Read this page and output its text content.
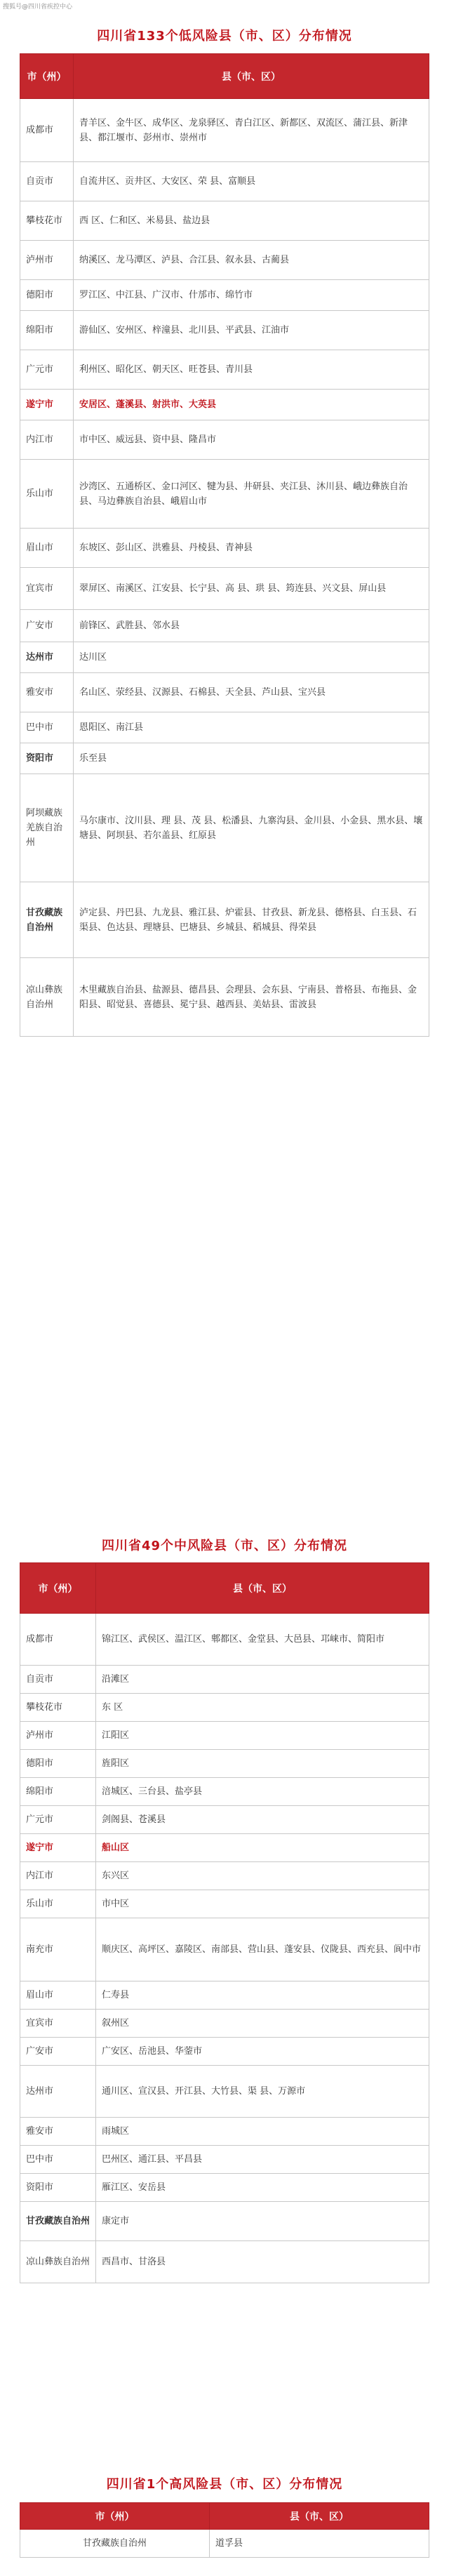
搜狐号@四川省疾控中心
四川省133个低风险县（市、区）分布情况
市（州）	县（市、区）
成都市	青羊区、金牛区、成华区、龙泉驿区、青白江区、新都区、双流区、蒲江县、新津县、都江堰市、彭州市、崇州市
自贡市	自流井区、贡井区、大安区、荣 县、富顺县
攀枝花市	西 区、仁和区、米易县、盐边县
泸州市	纳溪区、龙马潭区、泸县、合江县、叙永县、古蔺县
德阳市	罗江区、中江县、广汉市、什邡市、绵竹市
绵阳市	游仙区、安州区、梓潼县、北川县、平武县、江油市
广元市	利州区、昭化区、朝天区、旺苍县、青川县
遂宁市	安居区、蓬溪县、射洪市、大英县
内江市	市中区、威远县、资中县、隆昌市
乐山市	沙湾区、五通桥区、金口河区、犍为县、井研县、夹江县、沐川县、峨边彝族自治县、马边彝族自治县、峨眉山市
眉山市	东坡区、彭山区、洪雅县、丹棱县、青神县
宜宾市	翠屏区、南溪区、江安县、长宁县、高 县、珙 县、筠连县、兴文县、屏山县
广安市	前锋区、武胜县、邻水县
达州市	达川区
雅安市	名山区、荥经县、汉源县、石棉县、天全县、芦山县、宝兴县
巴中市	恩阳区、南江县
资阳市	乐至县
阿坝藏族羌族自治州	马尔康市、汶川县、理 县、茂 县、松潘县、九寨沟县、金川县、小金县、黑水县、壤塘县、阿坝县、若尔盖县、红原县
甘孜藏族自治州	泸定县、丹巴县、九龙县、雅江县、炉霍县、甘孜县、新龙县、德格县、白玉县、石渠县、色达县、理塘县、巴塘县、乡城县、稻城县、得荣县
凉山彝族自治州	木里藏族自治县、盐源县、德昌县、会理县、会东县、宁南县、普格县、布拖县、金阳县、昭觉县、喜德县、冕宁县、越西县、美姑县、雷波县
四川省49个中风险县（市、区）分布情况
市（州）	县（市、区）
成都市	锦江区、武侯区、温江区、郫都区、金堂县、大邑县、邛崃市、简阳市
自贡市	沿滩区
攀枝花市	东 区
泸州市	江阳区
德阳市	旌阳区
绵阳市	涪城区、三台县、盐亭县
广元市	剑阁县、苍溪县
遂宁市	船山区
内江市	东兴区
乐山市	市中区
南充市	顺庆区、高坪区、嘉陵区、南部县、营山县、蓬安县、仪陇县、西充县、阆中市
眉山市	仁寿县
宜宾市	叙州区
广安市	广安区、岳池县、华蓥市
达州市	通川区、宣汉县、开江县、大竹县、渠 县、万源市
雅安市	雨城区
巴中市	巴州区、通江县、平昌县
资阳市	雁江区、安岳县
甘孜藏族自治州	康定市
凉山彝族自治州	西昌市、甘洛县
四川省1个高风险县（市、区）分布情况
市（州）	县（市、区）
甘孜藏族自治州	道孚县
